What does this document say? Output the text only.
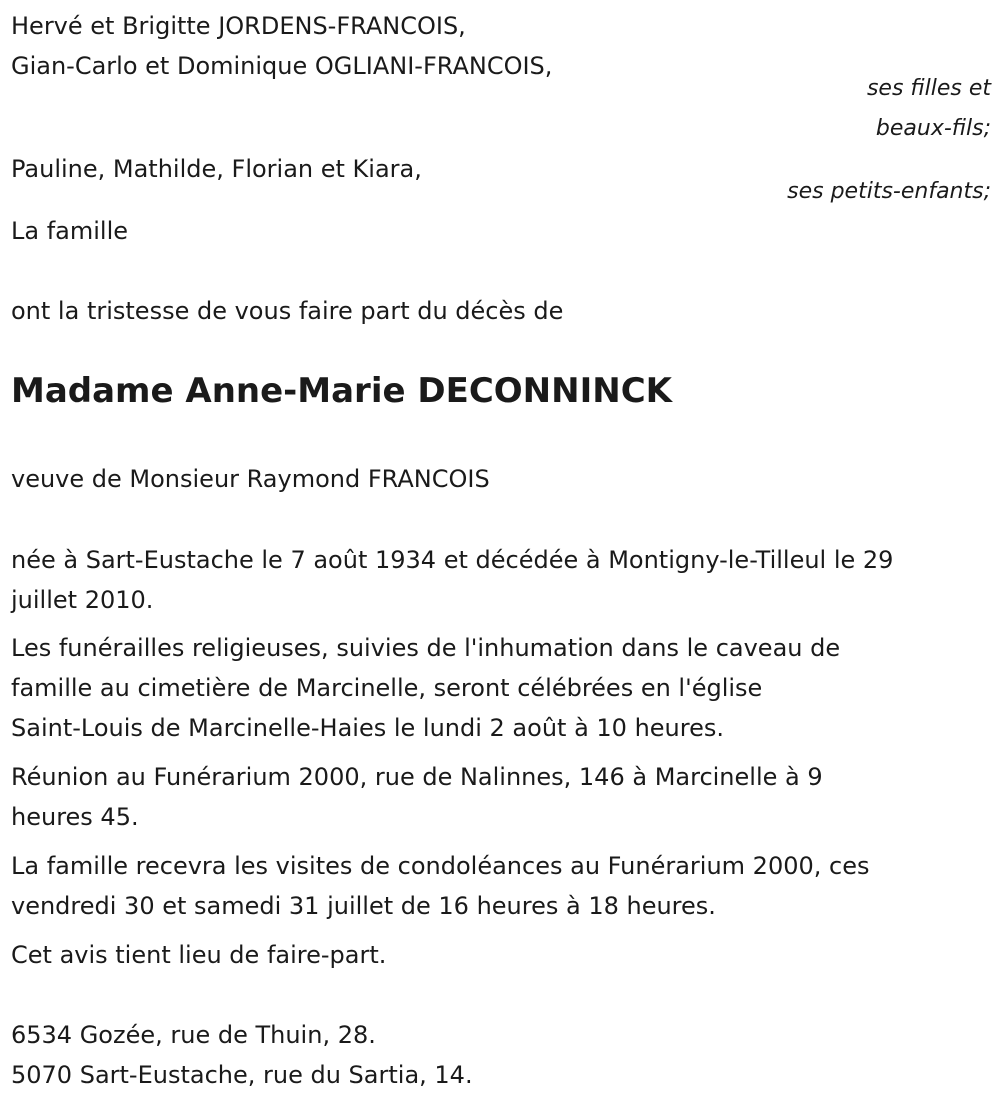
Hervé et Brigitte JORDENS-FRANCOIS,
Gian-Carlo et Dominique OGLIANI-FRANCOIS,
ses filles et
beaux-fils;
Pauline, Mathilde, Florian et Kiara,
ses petits-enfants;
La famille
ont la tristesse de vous faire part du décès de
Madame Anne-Marie DECONNINCK
veuve de Monsieur Raymond FRANCOIS
née à Sart-Eustache le 7 août 1934 et décédée à Montigny-le-Tilleul le 29
juillet 2010.
Les funérailles religieuses, suivies de l'inhumation dans le caveau de
famille au cimetière de Marcinelle, seront célébrées en l'église
Saint-Louis de Marcinelle-Haies le lundi 2 août à 10 heures.
Réunion au Funérarium 2000, rue de Nalinnes, 146 à Marcinelle à 9
heures 45.
La famille recevra les visites de condoléances au Funérarium 2000, ces
vendredi 30 et samedi 31 juillet de 16 heures à 18 heures.
Cet avis tient lieu de faire-part.
6534 Gozée, rue de Thuin, 28.
5070 Sart-Eustache, rue du Sartia, 14.
